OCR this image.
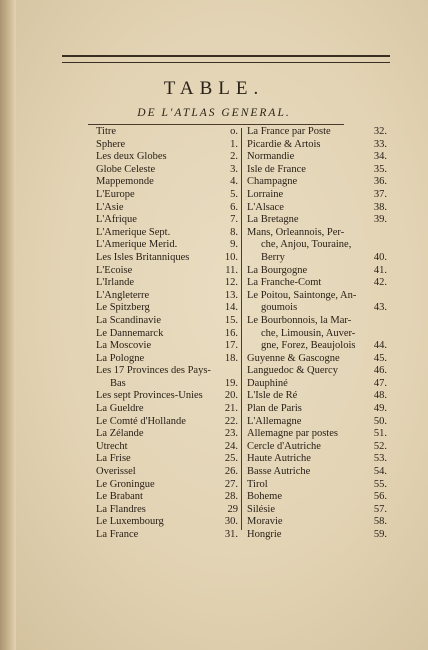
TABLE.
DE L'ATLAS GENERAL.
Titre	o.
Sphere	1.
Les deux Globes	2.
Globe Celeste	3.
Mappemonde	4.
L'Europe	5.
L'Asie	6.
L'Afrique	7.
L'Amerique Sept.	8.
L'Amerique Merid.	9.
Les Isles Britanniques	10.
L'Ecoise	11.
L'Irlande	12.
L'Angleterre	13.
Le Spitzberg	14.
La Scandinavie	15.
Le Dannemarck	16.
La Moscovie	17.
La Pologne	18.
Les 17 Provinces des Pays-
Bas	19.
Les sept Provinces-Unies 20.
La Gueldre	21.
Le Comté d'Hollande	22.
La Zélande	23.
Utrecht	24.
La Frise	25.
Overissel	26.
Le Groningue	27.
Le Brabant	28.
La Flandres	29
Le Luxembourg	30.
La France	31.
La France par Poste	32.
Picardie & Artois	33.
Normandie	34.
Isle de France	35.
Champagne	36.
Lorraine	37.
L'Alsace	38.
La Bretagne	39.
Mans, Orleannois, Per-
che, Anjou, Touraine,
Berry	40.
La Bourgogne	41.
La Franche-Comt	42.
Le Poitou, Saintonge, An-
goumois	43.
Le Bourbonnois, la Mar-
che, Limousin, Auver-
gne, Forez, Beaujolois 44.
Guyenne & Gascogne	45.
Languedoc & Quercy	46.
Dauphiné	47.
L'Isle de Ré	48.
Plan de Paris	49.
L'Allemagne	50.
Allemagne par postes	51.
Cercle d'Autriche	52.
Haute Autriche	53.
Basse Autriche	54.
Tirol	55.
Boheme	56.
Silésie	57.
Moravie	58.
Hongrie	59.
